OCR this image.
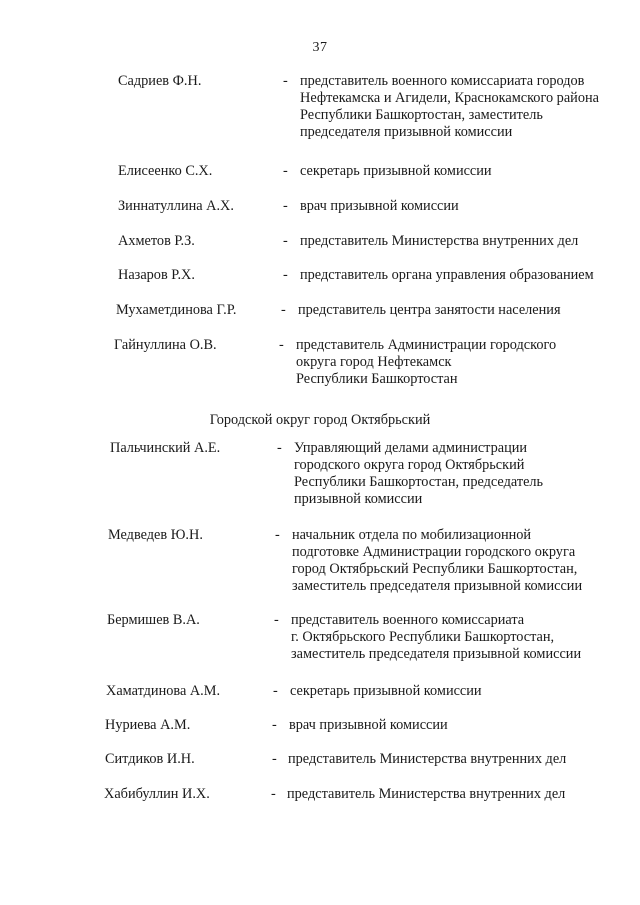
37
Городской округ город Октябрьский
Садриев Ф.Н.	- представитель военного комиссариата городов
Нефтекамска и Агидели, Краснокамского района
Республики Башкортостан, заместитель
председателя призывной комиссии
Елисеенко С.Х.	- секретарь призывной комиссии
Зиннатуллина А.Х.	- врач призывной комиссии
Ахметов Р.З.	- представитель Министерства внутренних дел
Назаров Р.Х.	- представитель органа управления образованием
Мухаметдинова Г.Р.	- представитель центра занятости населения
Гайнуллина О.В.	- представитель Администрации городского
округа город Нефтекамск
Республики Башкортостан
Пальчинский А.Е.	- Управляющий делами администрации
городского округа город Октябрьский
Республики Башкортостан, председатель
призывной комиссии
Медведев Ю.Н.	- начальник отдела по мобилизационной
подготовке Администрации городского округа
город Октябрьский Республики Башкортостан,
заместитель председателя призывной комиссии
Бермишев В.А.	- представитель военного комиссариата
г. Октябрьского Республики Башкортостан,
заместитель председателя призывной комиссии
Хаматдинова А.М.	- секретарь призывной комиссии
Нуриева А.М.	- врач призывной комиссии
Ситдиков И.Н.	- представитель Министерства внутренних дел
Хабибуллин И.Х.	- представитель Министерства внутренних дел
